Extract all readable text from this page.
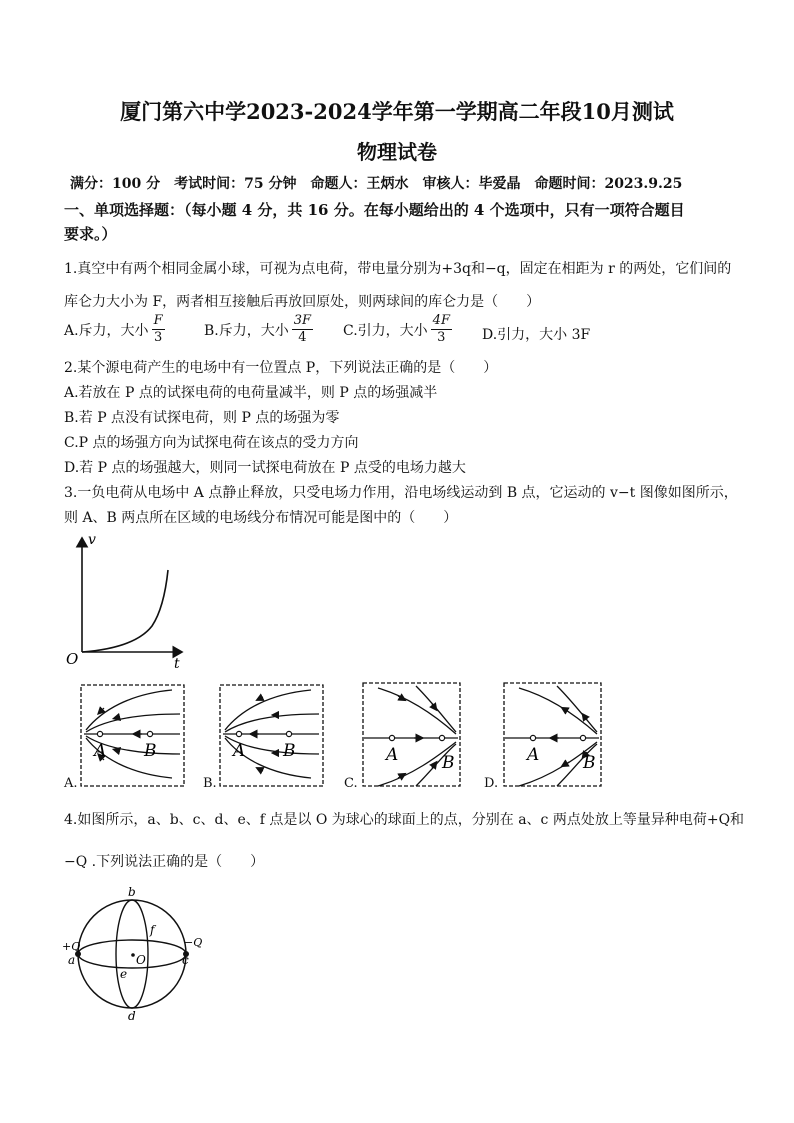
厦门第六中学2023-2024学年第一学期高二年段10月测试
物理试卷
满分：100 分　考试时间：75 分钟　命题人：王炳水　审核人：毕爱晶　命题时间：2023.9.25
一、单项选择题：（每小题 4 分，共 16 分。在每小题给出的 4 个选项中，只有一项符合题目
要求。）
1.真空中有两个相同金属小球，可视为点电荷，带电量分别为+3q和−q，固定在相距为 r 的两处，它们间的
库仑力大小为 F，两者相互接触后再放回原处，则两球间的库仑力是（　　）
A.斥力，大小 $\frac{F}{3}$	B.斥力，大小 $\frac{3F}{4} C$.引力，大小 $\frac{4F}{3} D$.引力，大小 3F
2.某个源电荷产生的电场中有一位置点 P，下列说法正确的是（　　）
A.若放在 P 点的试探电荷的电荷量减半，则 P 点的场强减半
B.若 P 点没有试探电荷，则 P 点的场强为零
C.P 点的场强方向为试探电荷在该点的受力方向
D.若 P 点的场强越大，则同一试探电荷放在 P 点受的电场力越大
3.一负电荷从电场中 A 点静止释放，只受电场力作用，沿电场线运动到 B 点，它运动的 v−t 图像如图所示，
则 A、B 两点所在区域的电场线分布情况可能是图中的（　　）
v
t
O
A B
A.
A B
B.
A	B
C.
A	B
D.
4.如图所示，a、b、c、d、e、f 点是以 O 为球心的球面上的点，分别在 a、c 两点处放上等量异种电荷+Q和
−Q .下列说法正确的是（　　）
b
d
a	c
+Q	−Q
f
e
O
